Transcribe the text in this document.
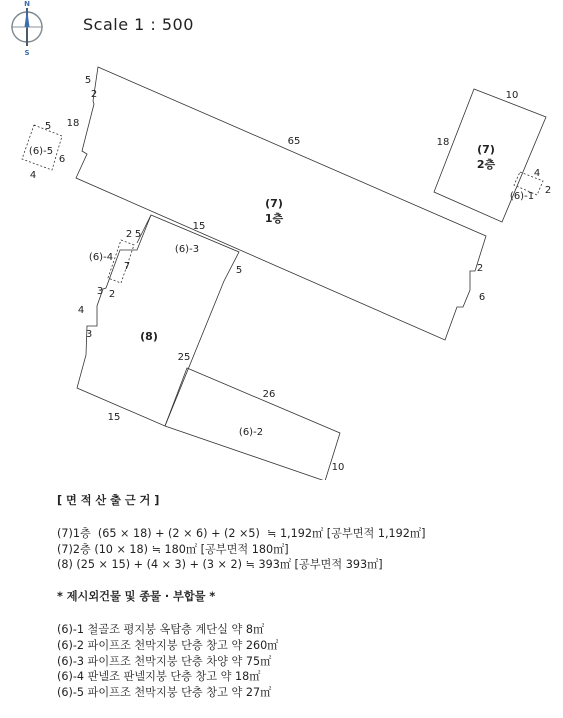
N
S
Scale 1 : 500
(7)
1층
(7)
2층
(8)
(6)-1
(6)-2
(6)-3
(6)-4
(6)-5
5
2
65
2
6
15
5
18
10
18
4
2
5
6
4
7
2 5
3 2
4
3
15
25
26
10
[ 면 적 산 출 근 거 ]
(7)1층  (65 × 18) + (2 × 6) + (2 ×5)  ≒ 1,192㎡ [공부면적 1,192㎡]
(7)2층 (10 × 18) ≒ 180㎡ [공부면적 180㎡]
(8) (25 × 15) + (4 × 3) + (3 × 2) ≒ 393㎡ [공부면적 393㎡]
* 제시외건물 및 종물 · 부합물 *
(6)-1 철골조 평지붕 옥탑층 계단실 약 8㎡
(6)-2 파이프조 천막지붕 단층 창고 약 260㎡
(6)-3 파이프조 천막지붕 단층 차양 약 75㎡
(6)-4 판넬조 판넬지붕 단층 창고 약 18㎡
(6)-5 파이프조 천막지붕 단층 창고 약 27㎡
